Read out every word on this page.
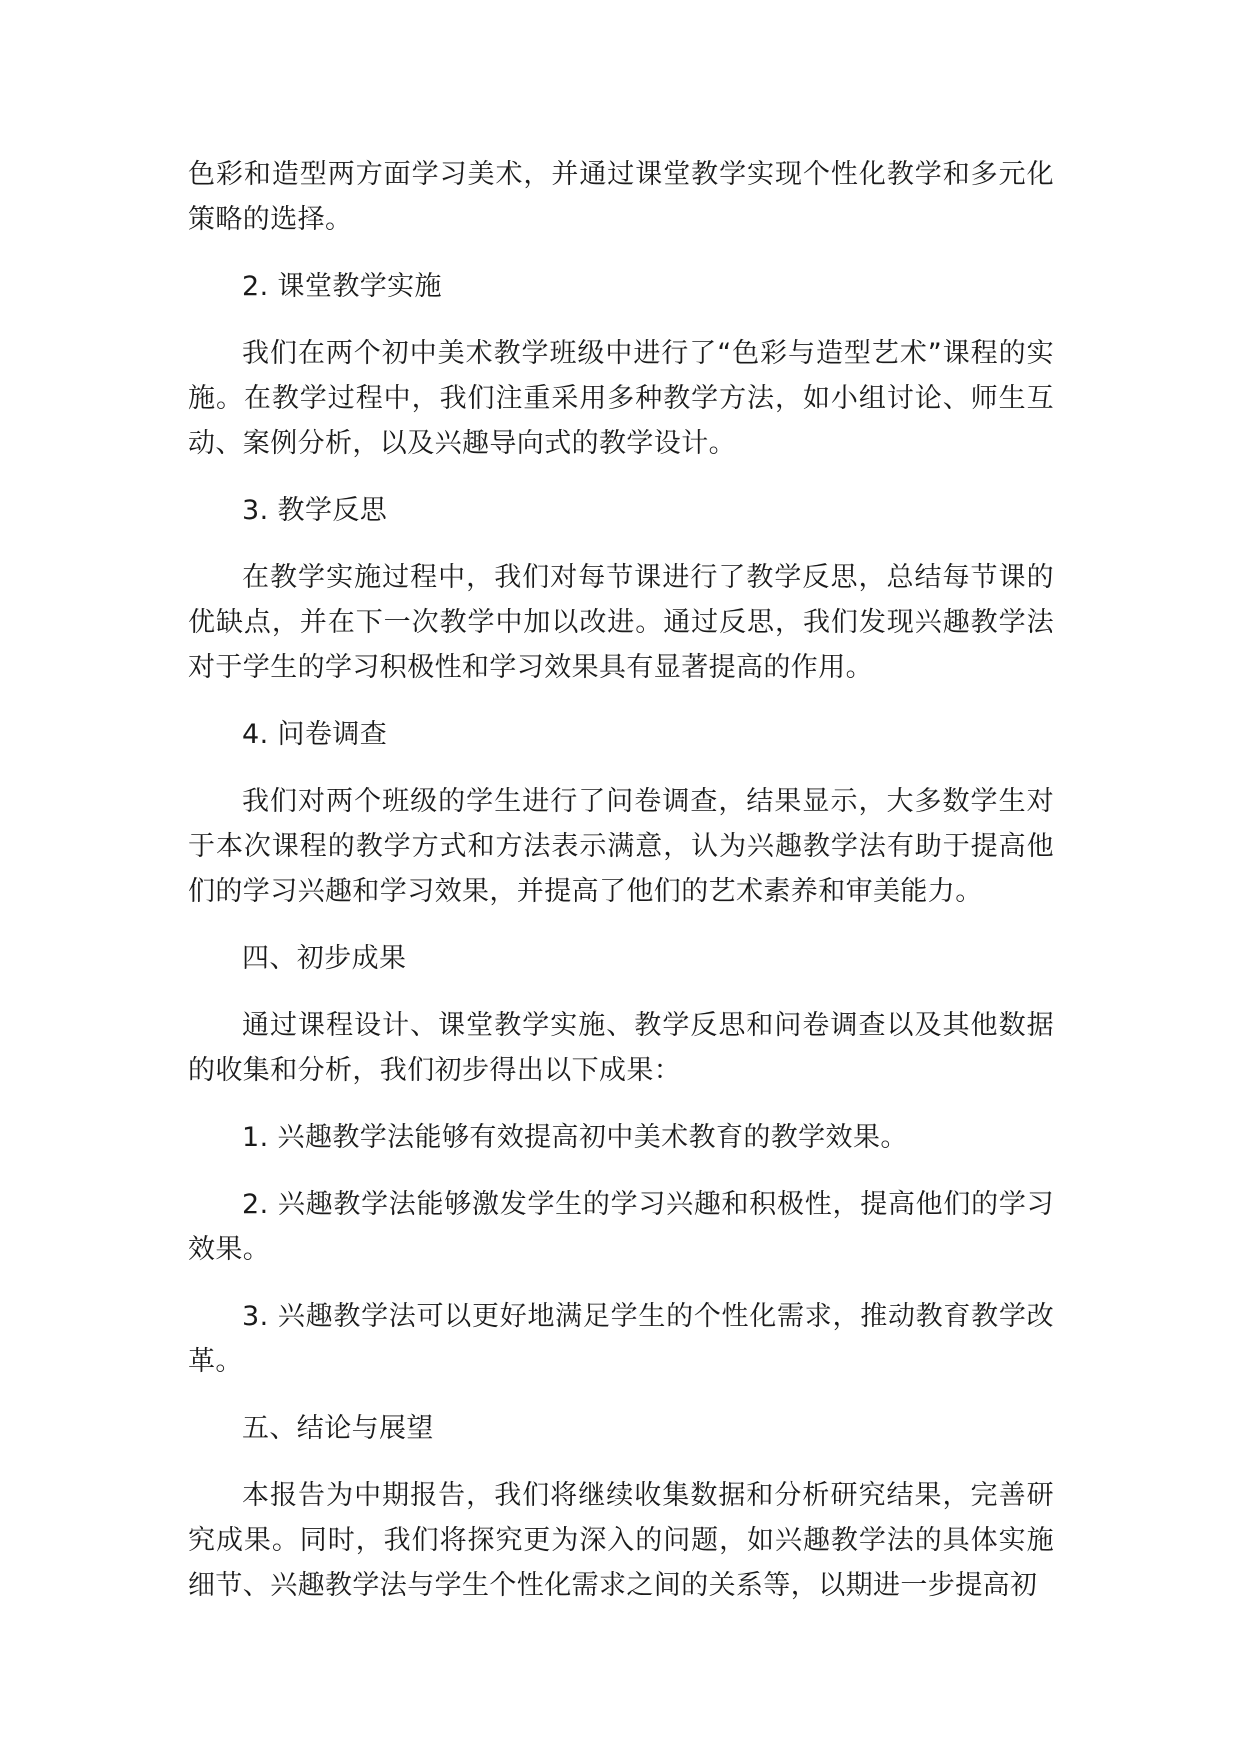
色彩和造型两方面学习美术，并通过课堂教学实现个性化教学和多元化策略的选择。

2. 课堂教学实施

我们在两个初中美术教学班级中进行了“色彩与造型艺术”课程的实施。在教学过程中，我们注重采用多种教学方法，如小组讨论、师生互动、案例分析，以及兴趣导向式的教学设计。

3. 教学反思

在教学实施过程中，我们对每节课进行了教学反思，总结每节课的优缺点，并在下一次教学中加以改进。通过反思，我们发现兴趣教学法对于学生的学习积极性和学习效果具有显著提高的作用。

4. 问卷调查

我们对两个班级的学生进行了问卷调查，结果显示，大多数学生对于本次课程的教学方式和方法表示满意，认为兴趣教学法有助于提高他们的学习兴趣和学习效果，并提高了他们的艺术素养和审美能力。

四、初步成果

通过课程设计、课堂教学实施、教学反思和问卷调查以及其他数据的收集和分析，我们初步得出以下成果：

1. 兴趣教学法能够有效提高初中美术教育的教学效果。

2. 兴趣教学法能够激发学生的学习兴趣和积极性，提高他们的学习效果。

3. 兴趣教学法可以更好地满足学生的个性化需求，推动教育教学改革。

五、结论与展望

本报告为中期报告，我们将继续收集数据和分析研究结果，完善研究成果。同时，我们将探究更为深入的问题，如兴趣教学法的具体实施细节、兴趣教学法与学生个性化需求之间的关系等，以期进一步提高初
